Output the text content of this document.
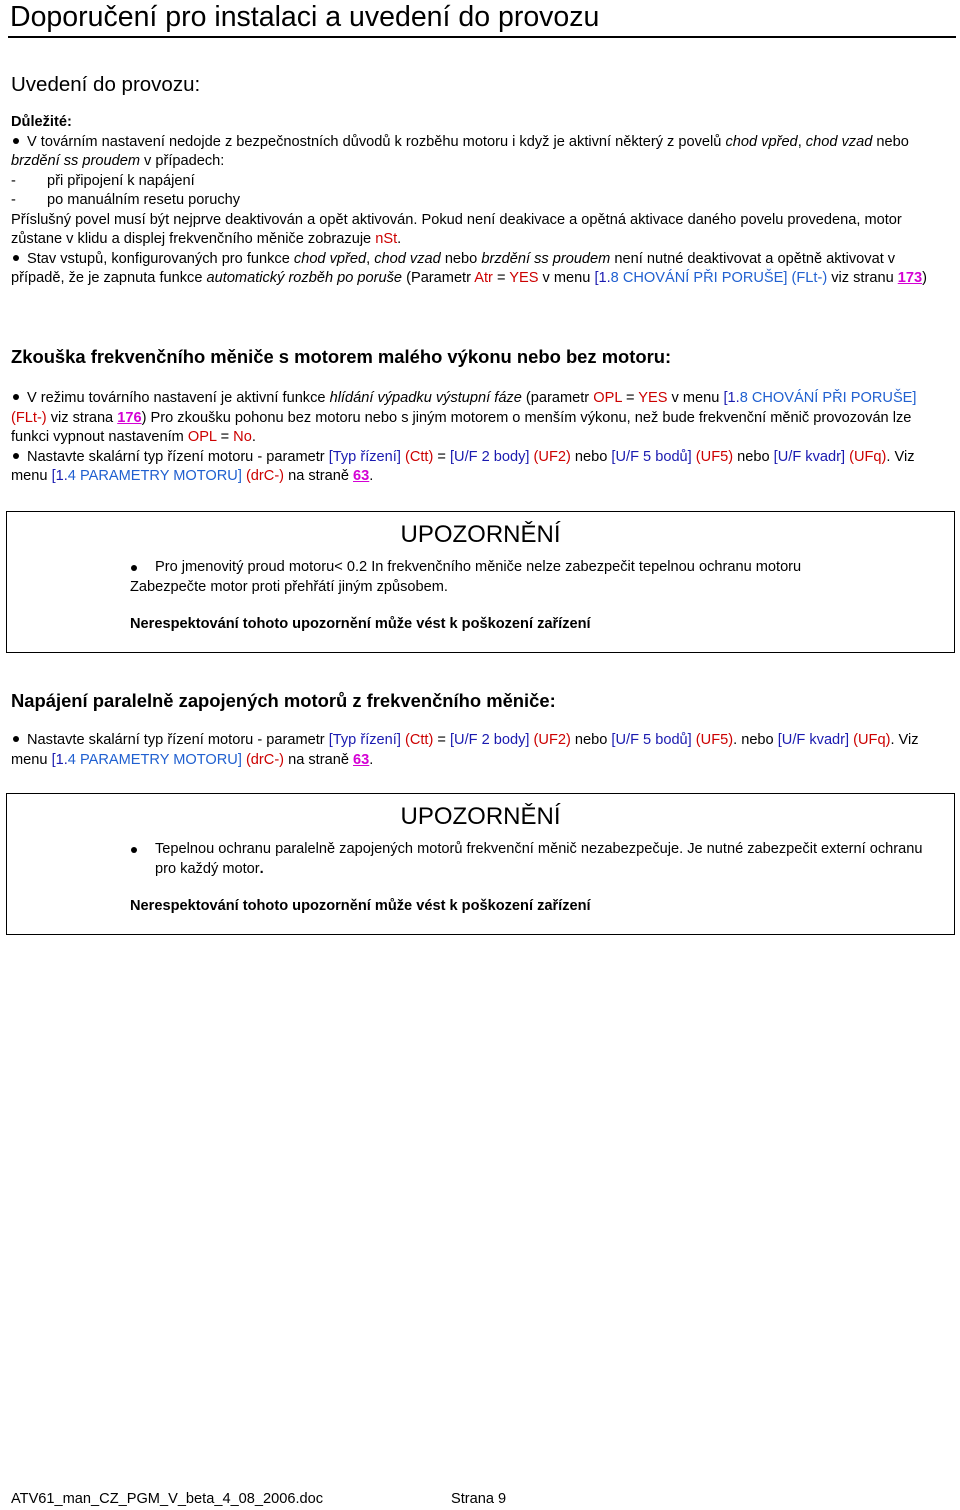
Doporučení pro instalaci a uvedení do provozu
Uvedení do provozu:

Důležité:

V továrním nastavení nedojde z bezpečnostních důvodů k rozběhu motoru i když je aktivní některý z povelů chod vpřed, chod vzad nebo brzdění ss proudem v případech:

- při připojení k napájení

- po manuálním resetu poruchy

Příslušný povel musí být nejprve deaktivován a opět aktivován. Pokud není deakivace a opětná aktivace daného povelu provedena, motor zůstane v klidu a displej frekvenčního měniče zobrazuje nSt.

Stav vstupů, konfigurovaných pro funkce chod vpřed, chod vzad nebo brzdění ss proudem není nutné deaktivovat a opětně aktivovat v případě, že je zapnuta funkce automatický rozběh po poruše (Parametr Atr = YES v menu [1.8 CHOVÁNÍ PŘI PORUŠE] (FLt-) viz stranu 173)

Zkouška frekvenčního měniče s motorem malého výkonu nebo bez motoru:

V režimu továrního nastavení je aktivní funkce hlídání výpadku výstupní fáze (parametr OPL = YES v menu [1.8 CHOVÁNÍ PŘI PORUŠE] (FLt-) viz strana 176) Pro zkoušku pohonu bez motoru nebo s jiným motorem o menším výkonu, než bude frekvenční měnič provozován lze funkci vypnout nastavením OPL = No.

Nastavte skalární typ řízení motoru - parametr [Typ řízení] (Ctt) = [U/F 2 body] (UF2) nebo [U/F 5 bodů] (UF5) nebo [U/F kvadr] (UFq). Viz menu [1.4 PARAMETRY MOTORU] (drC-) na straně 63.

UPOZORNĚNÍ
Pro jmenovitý proud motoru< 0.2 In frekvenčního měniče nelze zabezpečit tepelnou ochranu motoru
Zabezpečte motor proti přehřátí jiným způsobem.
Nerespektování tohoto upozornění může vést k poškození zařízení
Napájení paralelně zapojených motorů z frekvenčního měniče:

Nastavte skalární typ řízení motoru - parametr [Typ řízení] (Ctt) = [U/F 2 body] (UF2) nebo [U/F 5 bodů] (UF5). nebo [U/F kvadr] (UFq). Viz menu [1.4 PARAMETRY MOTORU] (drC-) na straně 63.

UPOZORNĚNÍ
Tepelnou ochranu paralelně zapojených motorů frekvenční měnič nezabezpečuje. Je nutné zabezpečit externí ochranu pro každý motor.
Nerespektování tohoto upozornění může vést k poškození zařízení
ATV61_man_CZ_PGM_V_beta_4_08_2006.doc	Strana 9
